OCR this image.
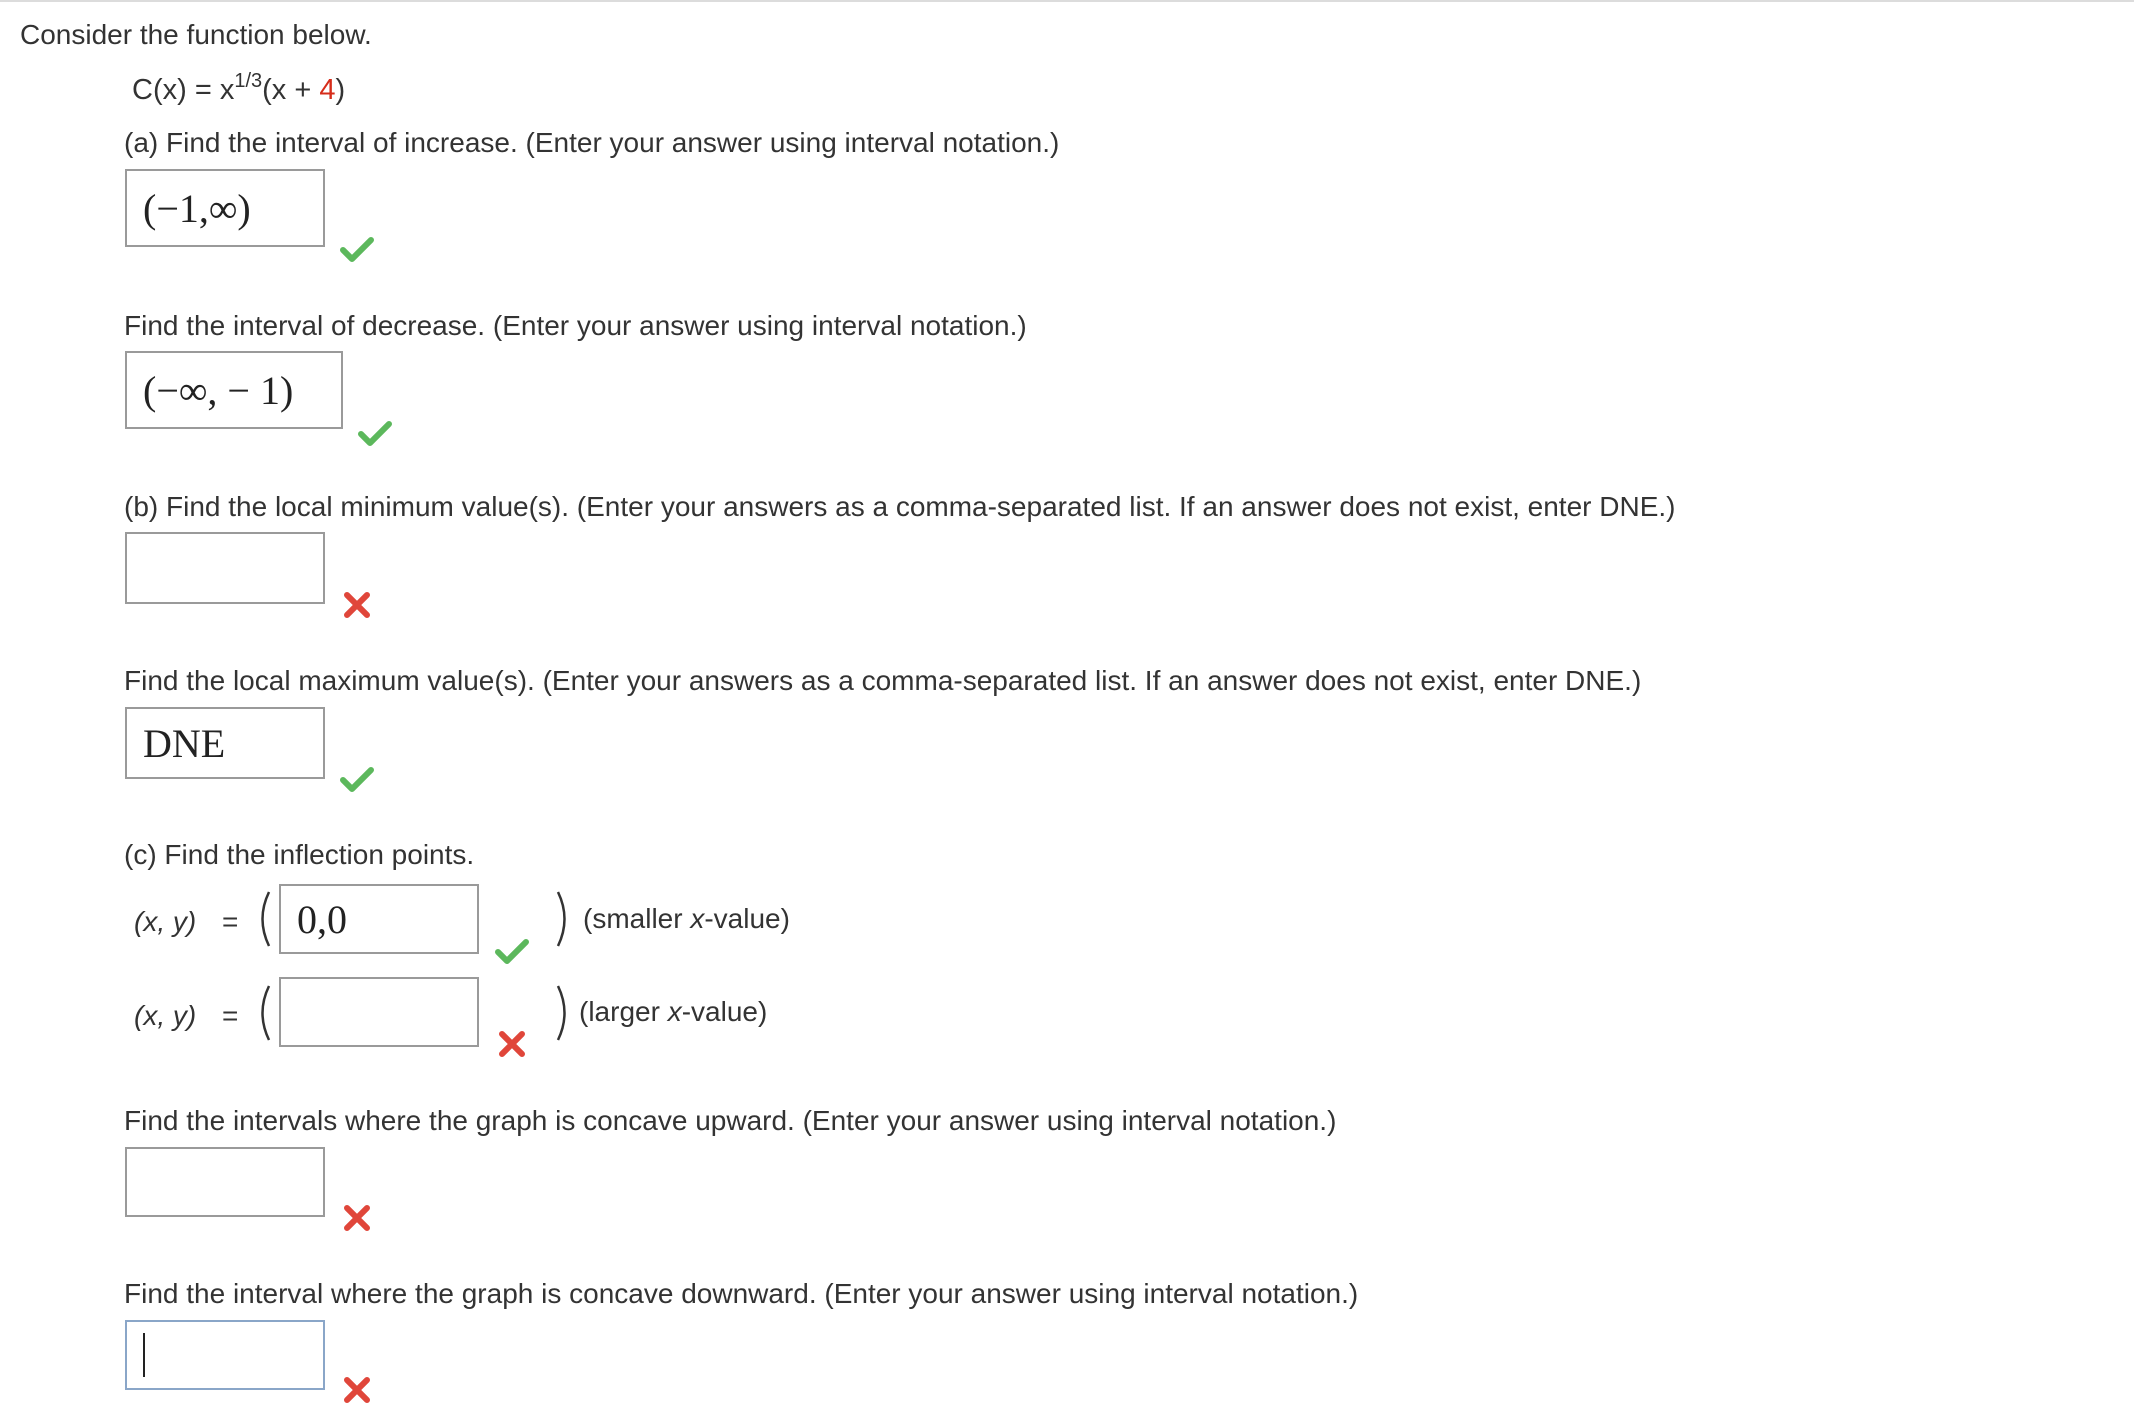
Consider the function below.
$C(x) = x^{1/3}(x + 4)$
(a) Find the interval of increase. (Enter your answer using interval notation.)
(−1,∞)
Find the interval of decrease. (Enter your answer using interval notation.)
(−∞, − 1)
(b) Find the local minimum value(s). (Enter your answers as a comma-separated list. If an answer does not exist, enter DNE.)
Find the local maximum value(s). (Enter your answers as a comma-separated list. If an answer does not exist, enter DNE.)
DNE
(c) Find the inflection points.
(x, y) = 0,0	(smaller x-value)
(x, y) =	(larger x-value)
Find the intervals where the graph is concave upward. (Enter your answer using interval notation.)
Find the interval where the graph is concave downward. (Enter your answer using interval notation.)
